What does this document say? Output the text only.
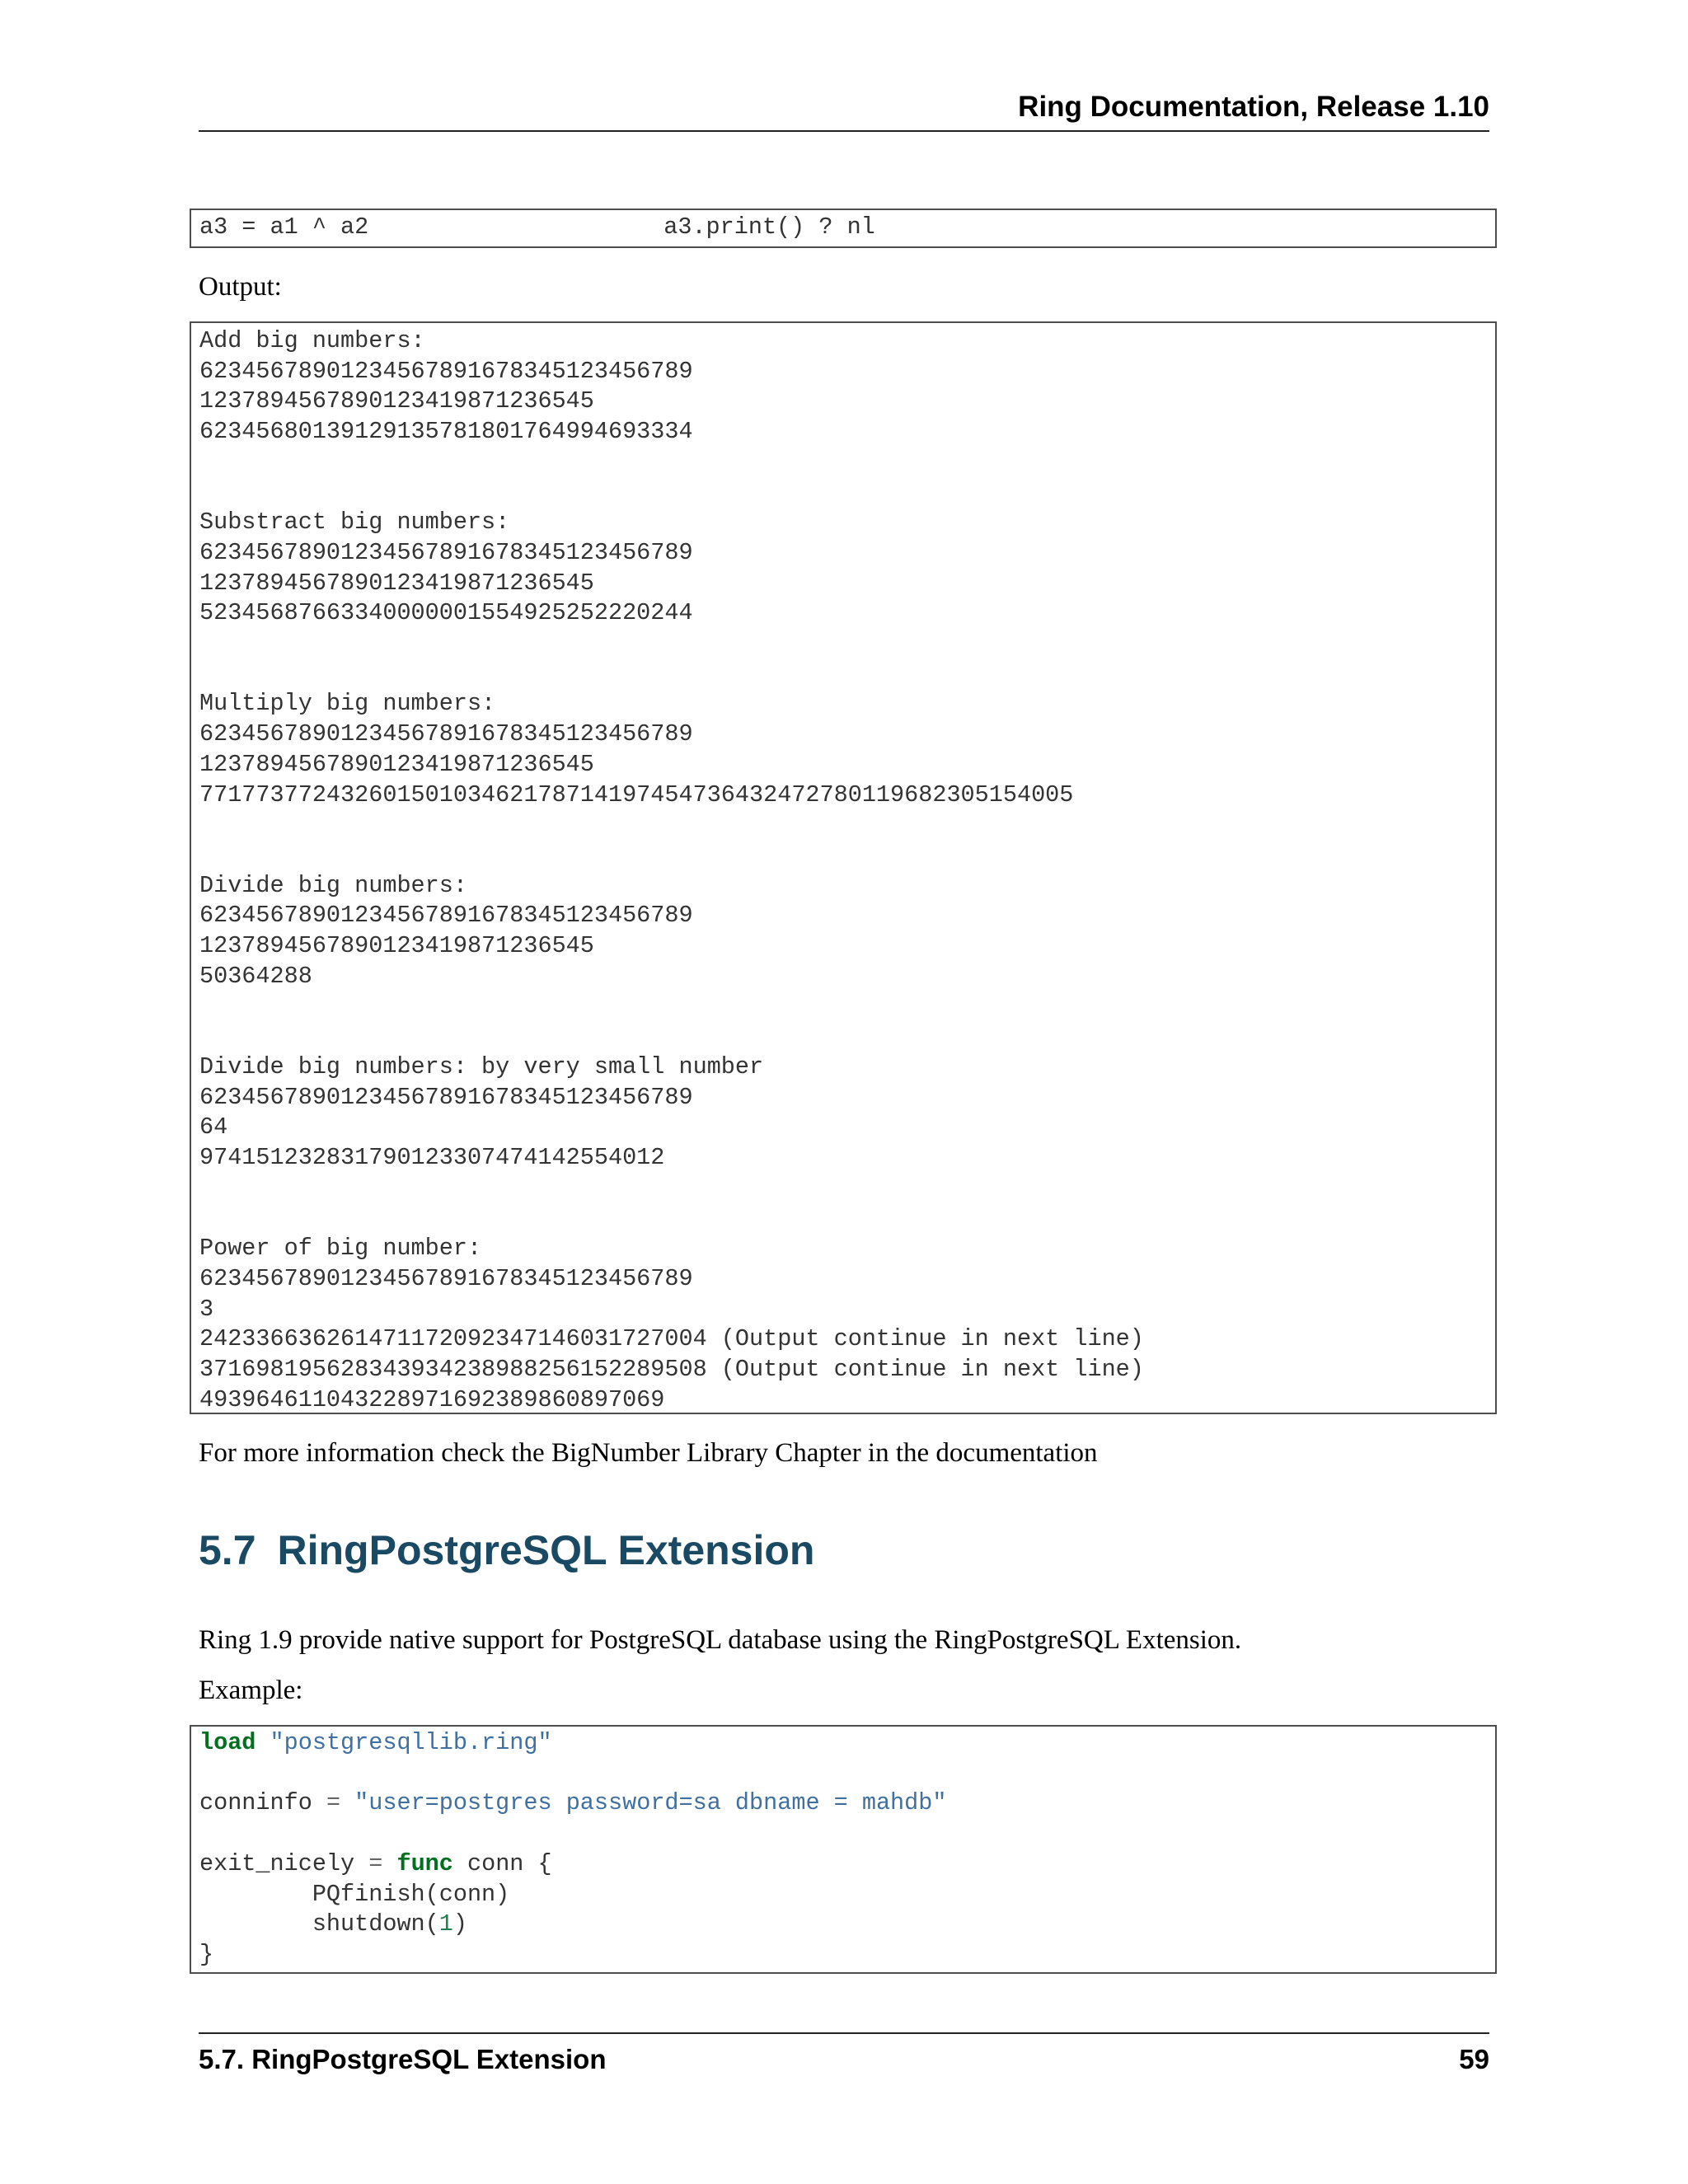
Ring Documentation, Release 1.10
a3 = a1 ^ a2	a3.print() ? nl
Output:
Add big numbers:
62345678901234567891678345123456789
1237894567890123419871236545
62345680139129135781801764994693334

Substract big numbers:
62345678901234567891678345123456789
1237894567890123419871236545
52345687663340000001554925252220244

Multiply big numbers:
62345678901234567891678345123456789
1237894567890123419871236545
77177377243260150103462178714197454736432472780119682305154005

Divide big numbers:
62345678901234567891678345123456789
1237894567890123419871236545
50364288

Divide big numbers: by very small number
62345678901234567891678345123456789
64
974151232831790123307474142554012

Power of big number:
62345678901234567891678345123456789
3
242336636261471172092347146031727004 (Output continue in next line)
371698195628343934238988256152289508 (Output continue in next line)
493964611043228971692389860897069
For more information check the BigNumber Library Chapter in the documentation
5.7 RingPostgreSQL Extension
Ring 1.9 provide native support for PostgreSQL database using the RingPostgreSQL Extension.
Example:
load "postgresqllib.ring"

conninfo = "user=postgres password=sa dbname = mahdb"

exit_nicely = func conn {
PQfinish(conn)
shutdown(1)
}
5.7. RingPostgreSQL Extension	59
